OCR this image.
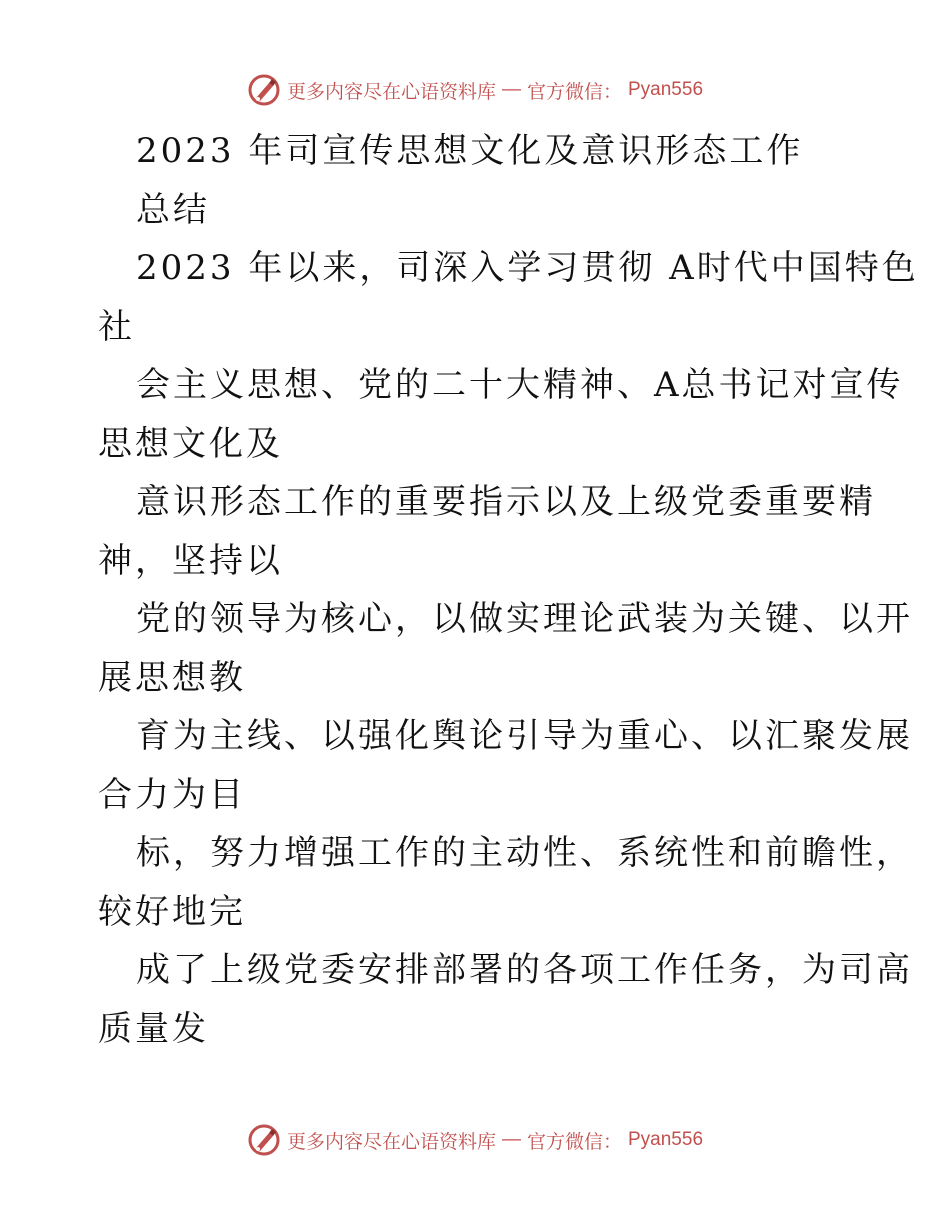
更多内容尽在心语资料库 — 官方微信： Pyan556

2023 年司宣传思想文化及意识形态工作

总结

2023 年以来，司深入学习贯彻 A时代中国特色

社

会主义思想、党的二十大精神、A总书记对宣传

思想文化及

意识形态工作的重要指示以及上级党委重要精

神，坚持以

党的领导为核心，以做实理论武装为关键、以开

展思想教

育为主线、以强化舆论引导为重心、以汇聚发展

合力为目

标，努力增强工作的主动性、系统性和前瞻性，

较好地完

成了上级党委安排部署的各项工作任务，为司高

质量发

更多内容尽在心语资料库 — 官方微信： Pyan556
